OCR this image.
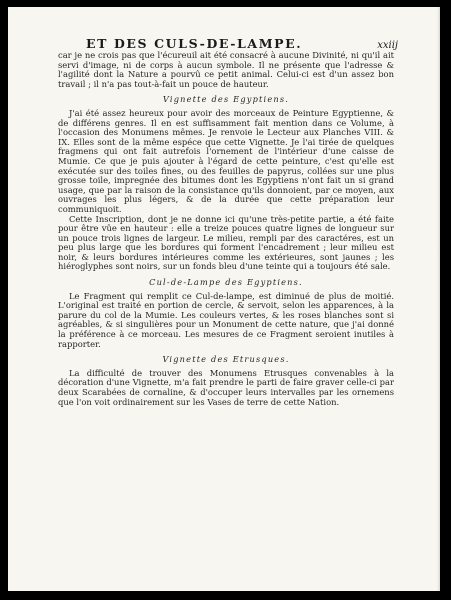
ET DES CULS-DE-LAMPE.	xxiij

car je ne crois pas que l'écureuil ait été consacré à aucune Divinité, ni qu'il ait servi d'image, ni de corps à aucun symbole. Il ne présente que l'adresse & l'agilité dont la Nature a pourvû ce petit animal. Celui-ci est d'un assez bon travail ; il n'a pas tout-à-fait un pouce de hauteur.

Vignette des Egyptiens.

J'ai été assez heureux pour avoir des morceaux de Peinture Egyptienne, & de différens genres. Il en est suffisamment fait mention dans ce Volume, à l'occasion des Monumens mêmes. Je renvoie le Lecteur aux Planches VIII. & IX. Elles sont de la même espéce que cette Vignette. Je l'ai tirée de quelques fragmens qui ont fait autrefois l'ornement de l'intérieur d'une caisse de Mumie. Ce que je puis ajouter à l'égard de cette peinture, c'est qu'elle est exécutée sur des toiles fines, ou des feuilles de papyrus, collées sur une plus grosse toile, impregnée des bitumes dont les Egyptiens n'ont fait un si grand usage, que par la raison de la consistance qu'ils donnoient, par ce moyen, aux ouvrages les plus légers, & de la durée que cette préparation leur communiquoit.

Cette Inscription, dont je ne donne ici qu'une très-petite partie, a été faite pour être vûe en hauteur : elle a treize pouces quatre lignes de longueur sur un pouce trois lignes de largeur. Le milieu, rempli par des caractéres, est un peu plus large que les bordures qui forment l'encadrement ; leur milieu est noir, & leurs bordures intérieures comme les extérieures, sont jaunes ; les hiéroglyphes sont noirs, sur un fonds bleu d'une teinte qui a toujours été sale.

Cul-de-Lampe des Egyptiens.

Le Fragment qui remplit ce Cul-de-lampe, est diminué de plus de moitié. L'original est traité en portion de cercle, & servoit, selon les apparences, à la parure du col de la Mumie. Les couleurs vertes, & les roses blanches sont si agréables, & si singulières pour un Monument de cette nature, que j'ai donné la préférence à ce morceau. Les mesures de ce Fragment seroient inutiles à rapporter.

Vignette des Etrusques.

La difficulté de trouver des Monumens Etrusques convenables à la décoration d'une Vignette, m'a fait prendre le parti de faire graver celle-ci par deux Scarabées de cornaline, & d'occuper leurs intervalles par les ornemens que l'on voit ordinairement sur les Vases de terre de cette Nation.
